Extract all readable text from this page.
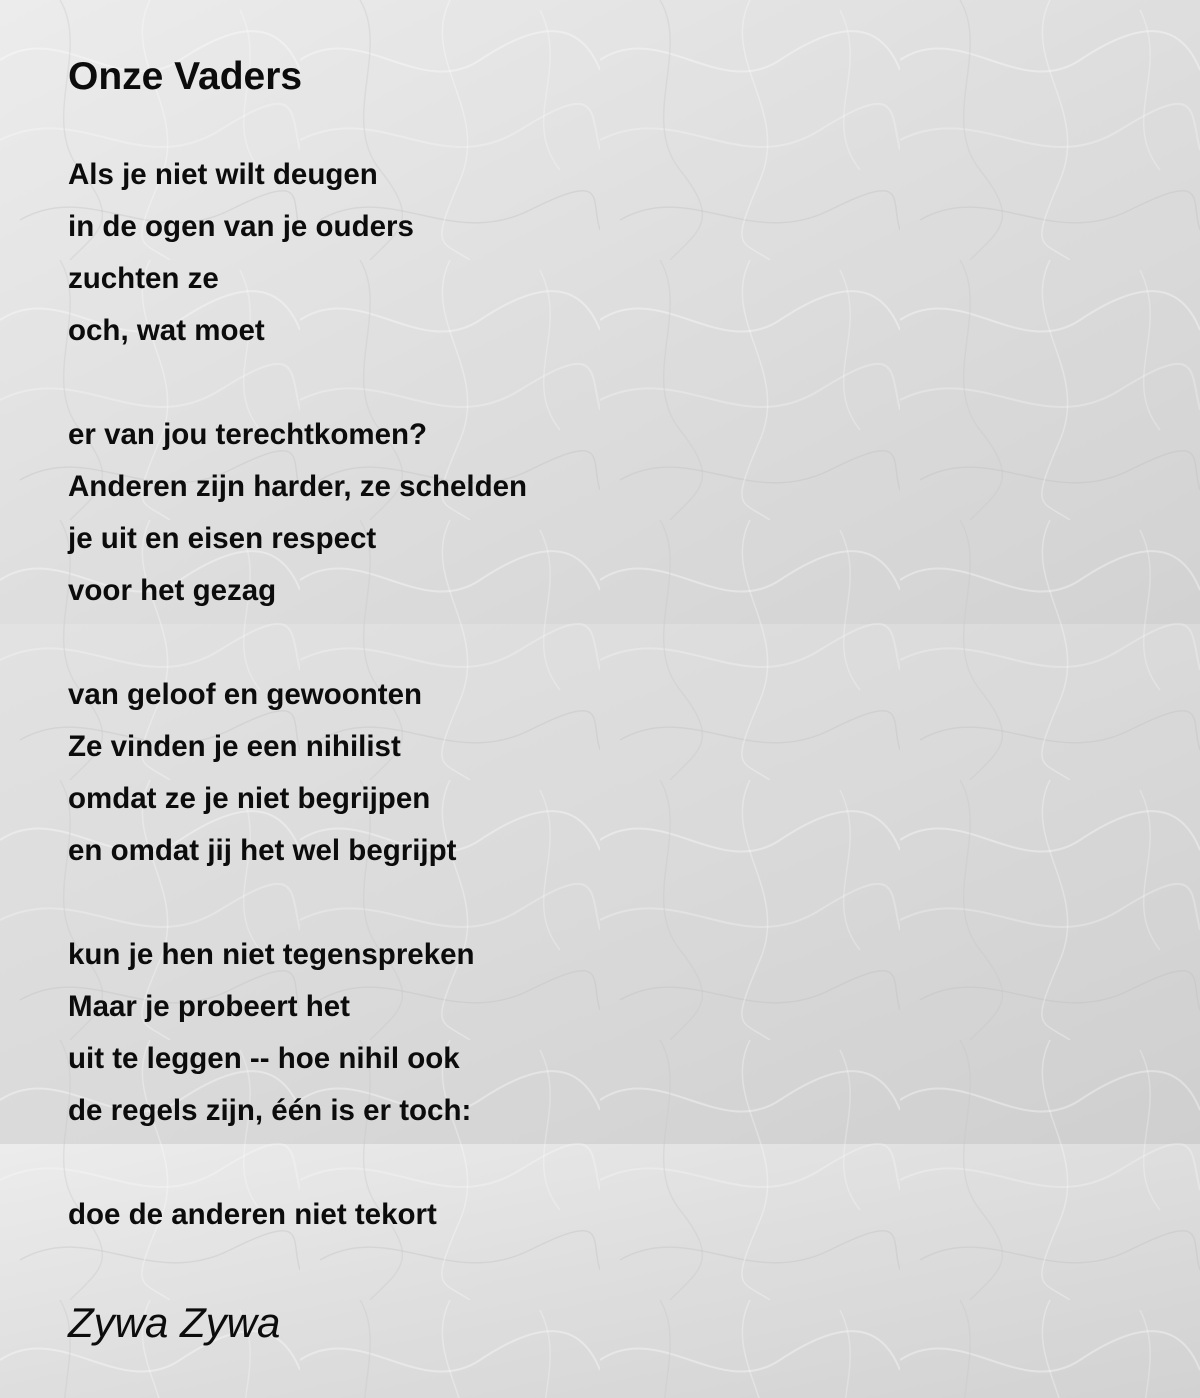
Onze Vaders
Als je niet wilt deugen
in de ogen van je ouders
zuchten ze
och, wat moet
er van jou terechtkomen?
Anderen zijn harder, ze schelden
je uit en eisen respect
voor het gezag
van geloof en gewoonten
Ze vinden je een nihilist
omdat ze je niet begrijpen
en omdat jij het wel begrijpt
kun je hen niet tegenspreken
Maar je probeert het
uit te leggen -- hoe nihil ook
de regels zijn, één is er toch:
doe de anderen niet tekort
Zywa Zywa
